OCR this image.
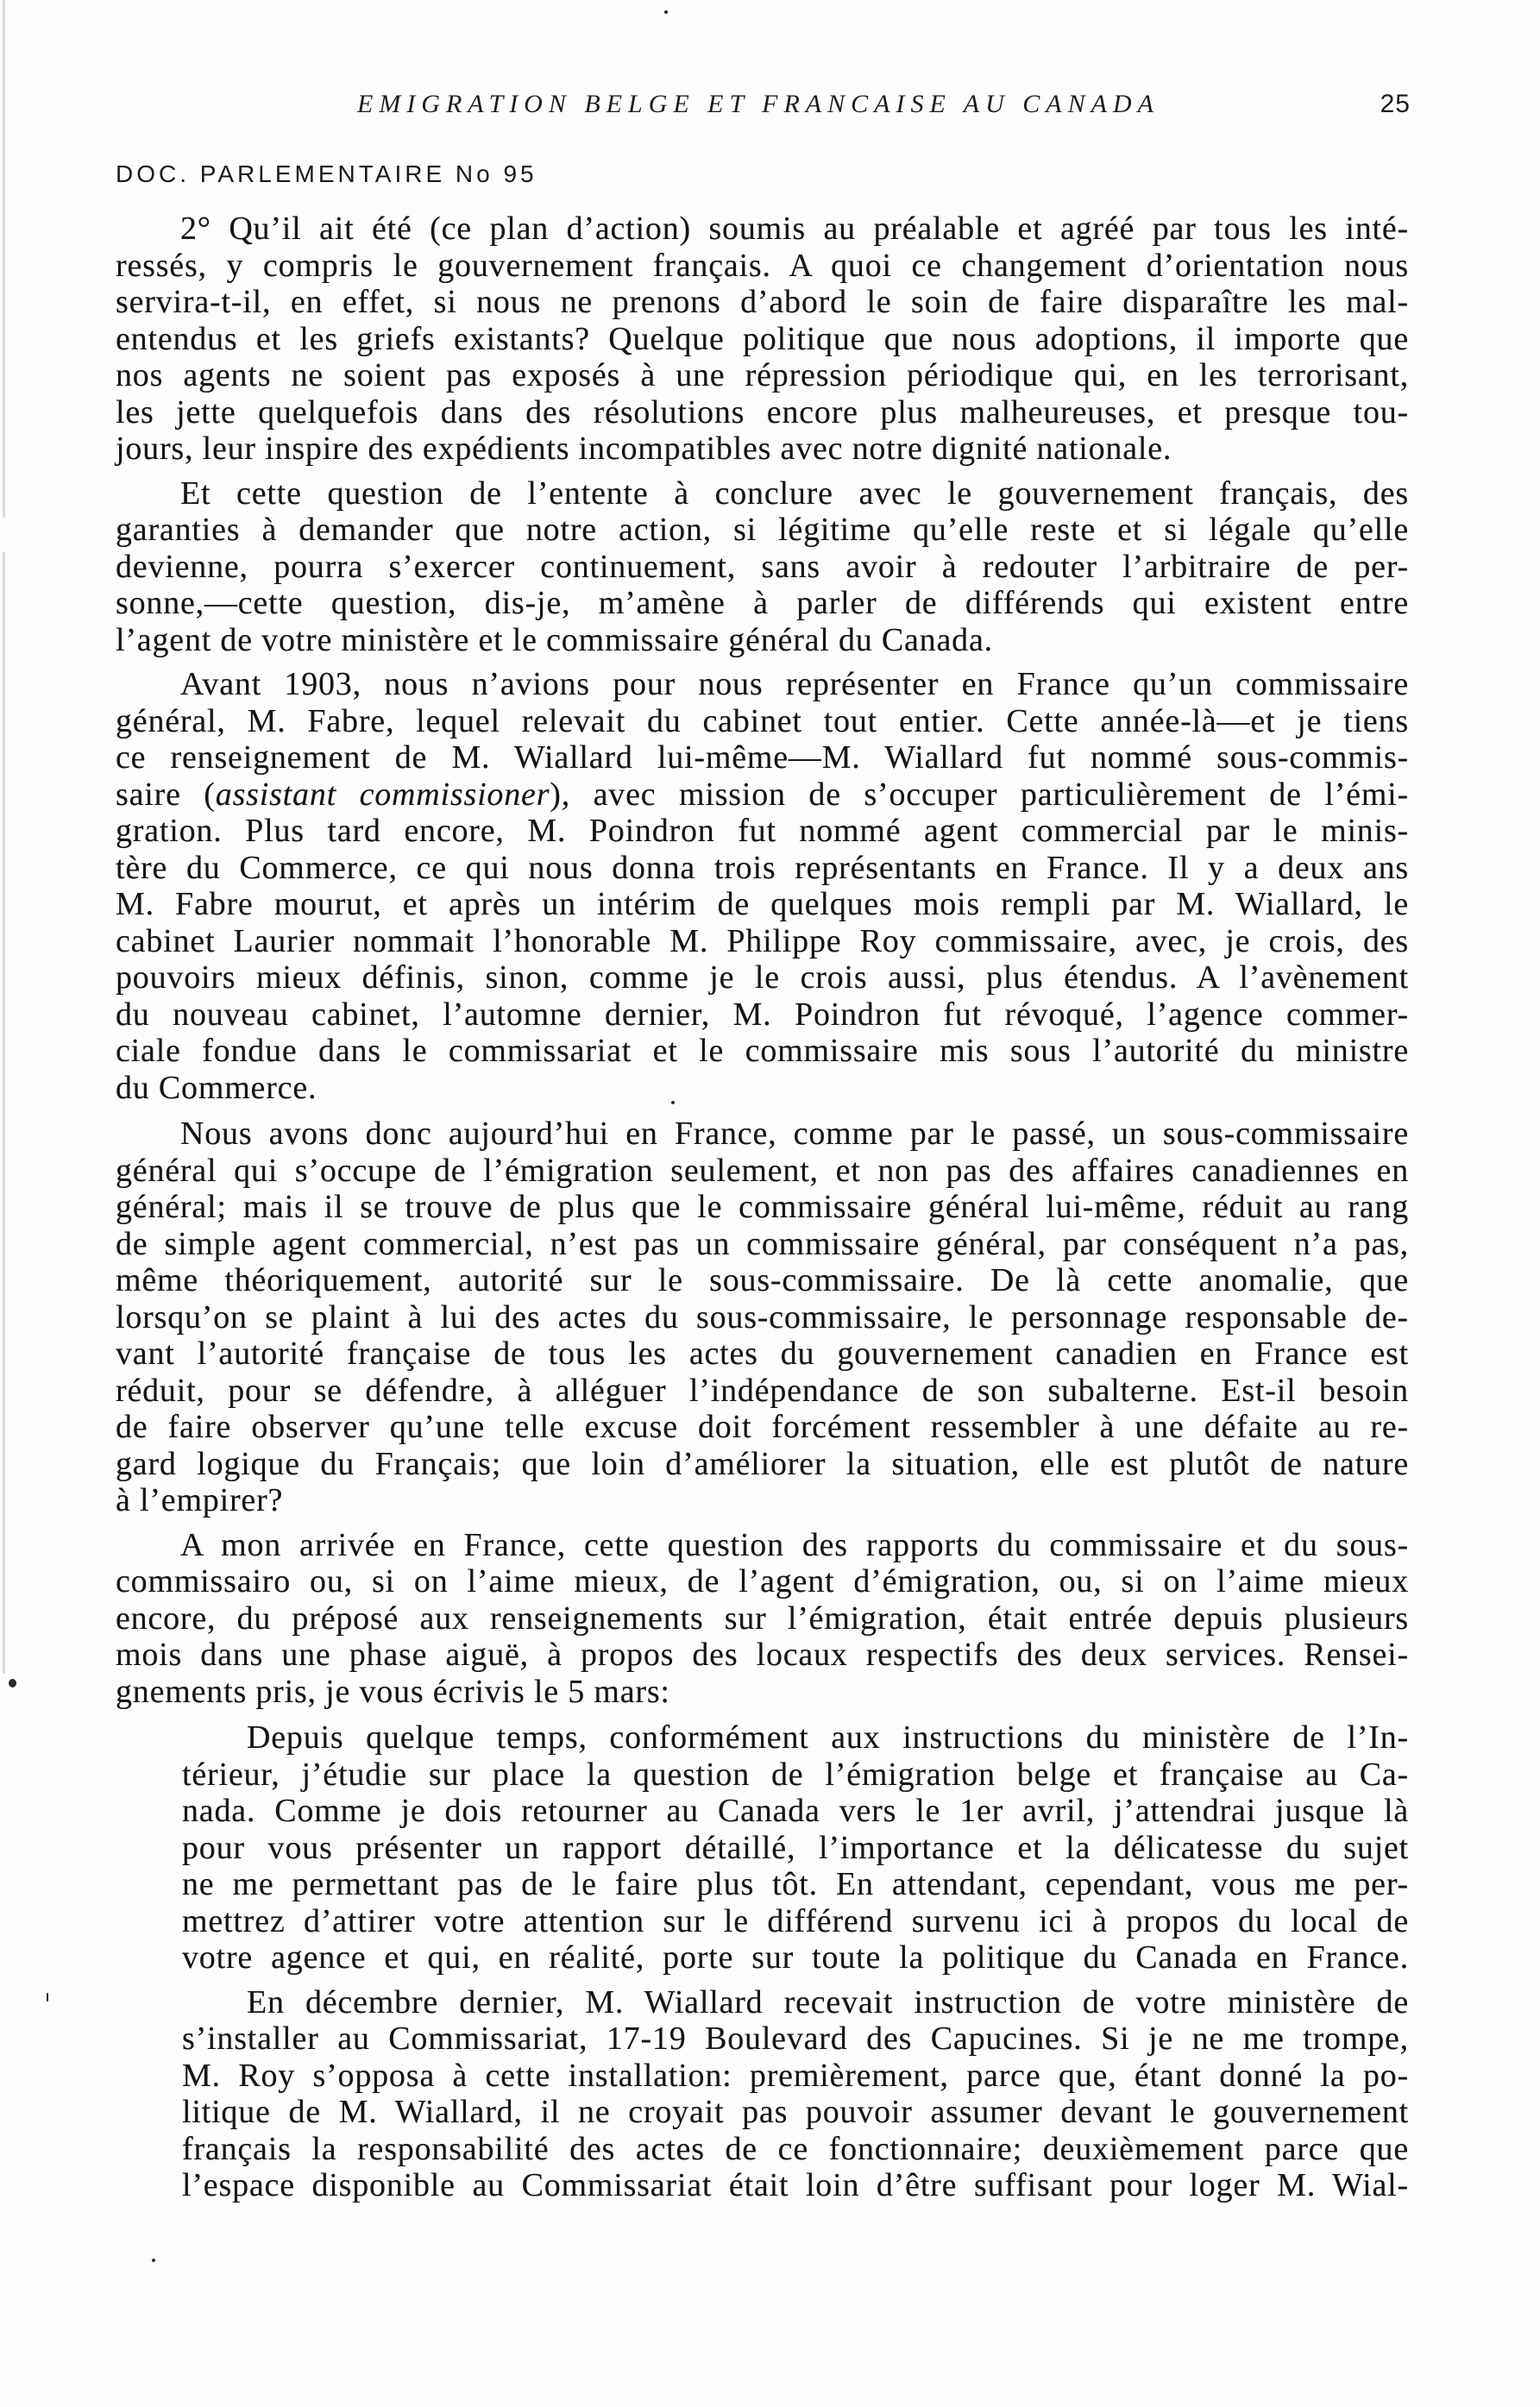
EMIGRATION BELGE ET FRANCAISE AU CANADA	25
DOC. PARLEMENTAIRE No 95
2° Qu’il ait été (ce plan d’action) soumis au préalable et agréé par tous les inté-
ressés, y compris le gouvernement français. A quoi ce changement d’orientation nous
servira-t-il, en effet, si nous ne prenons d’abord le soin de faire disparaître les mal-
entendus et les griefs existants? Quelque politique que nous adoptions, il importe que
nos agents ne soient pas exposés à une répression périodique qui, en les terrorisant,
les jette quelquefois dans des résolutions encore plus malheureuses, et presque tou-
jours, leur inspire des expédients incompatibles avec notre dignité nationale.
Et cette question de l’entente à conclure avec le gouvernement français, des
garanties à demander que notre action, si légitime qu’elle reste et si légale qu’elle
devienne, pourra s’exercer continuement, sans avoir à redouter l’arbitraire de per-
sonne,—cette question, dis-je, m’amène à parler de différends qui existent entre
l’agent de votre ministère et le commissaire général du Canada.
Avant 1903, nous n’avions pour nous représenter en France qu’un commissaire
général, M. Fabre, lequel relevait du cabinet tout entier. Cette année-là—et je tiens
ce renseignement de M. Wiallard lui-même—M. Wiallard fut nommé sous-commis-
saire (assistant commissioner), avec mission de s’occuper particulièrement de l’émi-
gration. Plus tard encore, M. Poindron fut nommé agent commercial par le minis-
tère du Commerce, ce qui nous donna trois représentants en France. Il y a deux ans
M. Fabre mourut, et après un intérim de quelques mois rempli par M. Wiallard, le
cabinet Laurier nommait l’honorable M. Philippe Roy commissaire, avec, je crois, des
pouvoirs mieux définis, sinon, comme je le crois aussi, plus étendus. A l’avènement
du nouveau cabinet, l’automne dernier, M. Poindron fut révoqué, l’agence commer-
ciale fondue dans le commissariat et le commissaire mis sous l’autorité du ministre
du Commerce.
Nous avons donc aujourd’hui en France, comme par le passé, un sous-commissaire
général qui s’occupe de l’émigration seulement, et non pas des affaires canadiennes en
général; mais il se trouve de plus que le commissaire général lui-même, réduit au rang
de simple agent commercial, n’est pas un commissaire général, par conséquent n’a pas,
même théoriquement, autorité sur le sous-commissaire. De là cette anomalie, que
lorsqu’on se plaint à lui des actes du sous-commissaire, le personnage responsable de-
vant l’autorité française de tous les actes du gouvernement canadien en France est
réduit, pour se défendre, à alléguer l’indépendance de son subalterne. Est-il besoin
de faire observer qu’une telle excuse doit forcément ressembler à une défaite au re-
gard logique du Français; que loin d’améliorer la situation, elle est plutôt de nature
à l’empirer?
A mon arrivée en France, cette question des rapports du commissaire et du sous-
commissairo ou, si on l’aime mieux, de l’agent d’émigration, ou, si on l’aime mieux
encore, du préposé aux renseignements sur l’émigration, était entrée depuis plusieurs
mois dans une phase aiguë, à propos des locaux respectifs des deux services. Rensei-
gnements pris, je vous écrivis le 5 mars:
Depuis quelque temps, conformément aux instructions du ministère de l’In-
térieur, j’étudie sur place la question de l’émigration belge et française au Ca-
nada. Comme je dois retourner au Canada vers le 1er avril, j’attendrai jusque là
pour vous présenter un rapport détaillé, l’importance et la délicatesse du sujet
ne me permettant pas de le faire plus tôt. En attendant, cependant, vous me per-
mettrez d’attirer votre attention sur le différend survenu ici à propos du local de
votre agence et qui, en réalité, porte sur toute la politique du Canada en France.
En décembre dernier, M. Wiallard recevait instruction de votre ministère de
s’installer au Commissariat, 17-19 Boulevard des Capucines. Si je ne me trompe,
M. Roy s’opposa à cette installation: premièrement, parce que, étant donné la po-
litique de M. Wiallard, il ne croyait pas pouvoir assumer devant le gouvernement
français la responsabilité des actes de ce fonctionnaire; deuxièmement parce que
l’espace disponible au Commissariat était loin d’être suffisant pour loger M. Wial-
